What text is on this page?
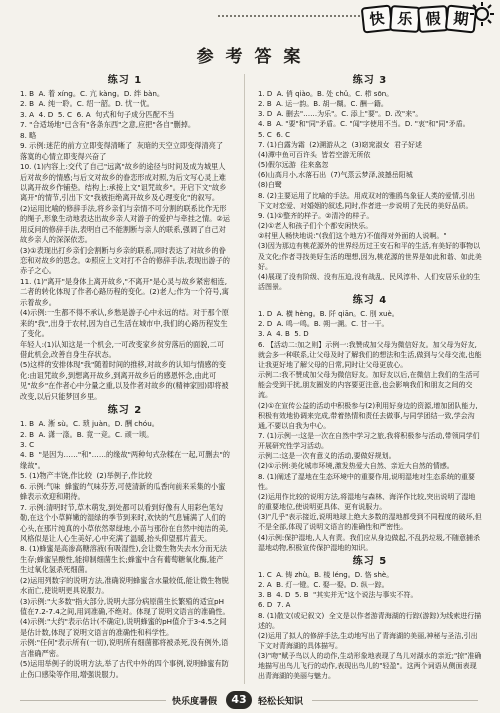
快 乐 假 期
参 考 答 案
练习 1
1. B  A. 着 xíng。C. 亢 kàng。D. 绊 bàn。
2. B  A. 纯一聆。C. 绍一韶。D. 忧一优。
3. A  4. D  5. C  6. A  句式和句子成分匹配不当
7. "合适场地"已含有"各条东西"之意,应把"各自"删掉。
8. 略
9. 示例:迷茫的前方立即变得清晰了  灰暗的天空立即变得清亮了  落寞的心情立即变得兴奋了
10. (1)内容上:交代了自己"远离"故乡的途径与时间及成为城里人后对故乡的情感;与后文对故乡的眷恋形成对照,为后文写心灵上难以离开故乡作铺垫。结构上:承接上文"诅咒故乡"。开启下文"故乡离开"的情节,引出下文"我被拒绝离开故乡及心理变化"的叙写。
(2)运用比喻的修辞手法,将乡亲们与亲情不可分割的联系比作无形的绳子,形象生动地表达出故乡亲人对游子的爱护与牵挂之情。②运用反问的修辞手法,表明自己不能割断与亲人的联系,强调了自己对故乡亲人的深深依恋。
(3)①表现出打乡亲们会割断与乡亲的联系,同时表达了对故乡的眷恋和对故乡的思念。②照应上文对打不合的修辞手法,表现出游子的赤子之心。
11. (1)"离开"是身体上离开故乡,"不离开"是心灵与故乡紧密相连,二者的转化体现了作者心路历程的变化。(2)老人;作为一个符号,寓示着故乡。
(4)示例:一生都不得不承认,乡愁是游子心中永远的结。对于那个原来的"我",出身于农村,因为自己生活在城市中,我们的心路历程发生了变化。
年轻人:(1)认知这是一个机会,一可改变家乡贫穷落后的面貌,二可借此机会,改善自身生存状态。
(5)这样的安排体现"我"随着时间的推移,对故乡的认知与情感的变化:由诅咒故乡,到想离开故乡,到离开故乡后的感恩怀念,由此可见"故乡"在作者心中分量之重,以及作者对故乡的(精神家园)即将被改变,以后只能梦回乡里。
练习 2
1. B  A. 淅 sù。C. 琐 juàn。D. 酬 chóu。
2. B  A. 潇一涤。B. 竟一竞。C. 顽一顷。
3. C
4. B  "是因为……"和"……的缘故"两种句式杂糅在一起,可删去"的缘故"。
5. (1)物产丰饶,作比较  (2)举例子,作比较
6. 示例:气味  蜂蜜的气味芬芳,可使清新的瓜香向前来采集的小蜜蜂表示欢迎和期待。
7. 示例:清明时节,草木萌发,到处都可以看到好像有人用彩色笔勾勒,在这个小草鲜嫩的湿绿的季节到来时,欢快的气息铺满了人们的心头,在那片纯真的小草依然翠绿地,小苗与那份在自然中纯洁的美,风格似是让人心生美好,心中充满了温暖,抬头仰望那片蓝天。
8. (1)蜂蜜是高渗高糖溶液(有吸湿性),会让微生物失去水分而无法生存;蜂蜜呈酸性,能抑制细菌生长;蜂蜜中含有葡萄糖氧化酶,能产生过氧化氢杀死细菌。
(2)运用列数字的说明方法,准确说明蜂蜜含水量较低,能让微生物脱水而亡,使说明更具说服力。
(3)示例:"大多数"指大部分,说明大部分病原菌生长繁殖的适宜pH值在7.2-7.4之间,用词准确,不绝对。体现了说明文语言的准确性。
(4)示例:"大约"表示估计(不确定),说明蜂蜜的pH值介于3-4.5之间是估计数,体现了说明文语言的准确性和科学性。
示例:"任何"表示所有(一切),说明所有细菌都将被杀死,没有例外,语言准确严密。
(5)运用举例子的说明方法,举了古代中外的四个事例,说明蜂蜜有防止伤口感染等作用,增强说服力。
练习 3
1. D  A. 俏 qiào。B. 处 chǔ。C. 栉 sōn。
2. B  A. 运一韵。B. 胡一糊。C. 酬一籍。
3. D  A. 删去"……为乐"。C. 添上"要"。D. 改"来"。
4. B  A. "要"和"同"矛盾。C. "闻"字使用不当。D. "衷"和"同"矛盾。
5. C  6. C
7. (1)白露为霜  (2)溯游从之  (3)窈窕淑女  君子好逑
(4)潭中鱼可百许头  皆若空游无所依
(5)假尔远游  往来翕忽
(6)山高月小,水落石出  (7)气蒸云梦泽,波撼岳阳城
(8)白鹭
8. (2)主要运用了比喻的手法。用成双对的雅鸥鸟象征人类的爱情,引出下文对恋爱、对婚姻的叙述,同时,作者进一步说明了先民的美好品质。
9. (1)①整齐的样子。②清冷的样子。
(2)①老人和孩子们个个都安闲快乐。
②村里人畅快地说:"(我们这个地方)不值得对外面的人说啊。"
(3)因为那边有桃花源外的世界经历过王安石和平的生活,有美好的事物以及文化;作者寻找美好生活的理想,因为,桃花源的世界是如此和谐、如此美好。
(4)展现了没有阶级、没有压迫,没有战乱、民风淳朴、人们安居乐业的生活图景。
练习 4
1. D  A. 横 hèng。B. 阡 qiān。C. 刖 xuè。
2. D  A. 鸣一鸣。B. 朔一溯。C. 甘一干。
3. A  4. B  5. D
6. 【活动二:加之则】示例一:我赞成加父母为微信好友。加父母为好友,就会多一种联系,让父母及时了解我们的想法和生活,做到与父母交流,也能让我更好地了解父母的日常,同时让父母更放心。
示例二:我不赞成加父母为微信好友。加好友以后,在微信上我们的生活可能会受到干扰,朋友圈发的内容要更注意,也会影响我们和朋友之间的交流。
(2)①在宣传公益的活动中积极参与(2)利用好身边的资源,增加团队能力,积极有效地协调来完成,带着热情和责任去做事,与同学团结一致,学会沟通,不要以自我为中心。
7. (1)示例一:这是一次在自然中学习之旅,我将积极参与活动,带领同学们开展研究性学习活动。
示例二:这是一次有意义的活动,要做好规划。
(2)①示例:美化城市环境,激发热爱大自然、亲近大自然的情感。
8. (1)阐述了湿地在生态环境中的重要作用,说明湿地对生态系统的重要性。
(2)运用作比较的说明方法,将湿地与森林、海洋作比较,突出说明了湿地的重要地位,使说明更具体、更有说服力。
(3)"几乎"表示接近,说明地球上绝大多数的湿地都受到不同程度的破坏,但不是全部,体现了说明文语言的准确性和严密性。
(4)示例:保护湿地,人人有责。我们应从身边做起,不乱扔垃圾,不随意捕杀湿地动物,积极宣传保护湿地的知识。
练习 5
1. C  A. 铸 zhù。B. 棱 léng。D. 恪 shè。
2. A  B. 灯一镫。C. 娶一娶。D. 纵一踪。
3. B  4. D  5. B  "其实并无"这个说法与事实不符。
6. D  7. A
8. (1)散文(或记叙文)  全文是以作者游青海湖的行踪(游踪)为线索进行描述的。
(2)运用了拟人的修辞手法,生动地写出了青海湖的美丽,神秘与圣洁,引出下文对青海湖的具体描写。
(3)"吻"赋予鸟以人的动作,生动形象地表现了鸟儿对湖水的亲近;"掠"准确地描写出鸟儿飞行的动作,表现出鸟儿的"轻盈"。这两个词语从侧面表现出青海湖的美丽与魅力。
快乐度暑假	43	轻松长知识
